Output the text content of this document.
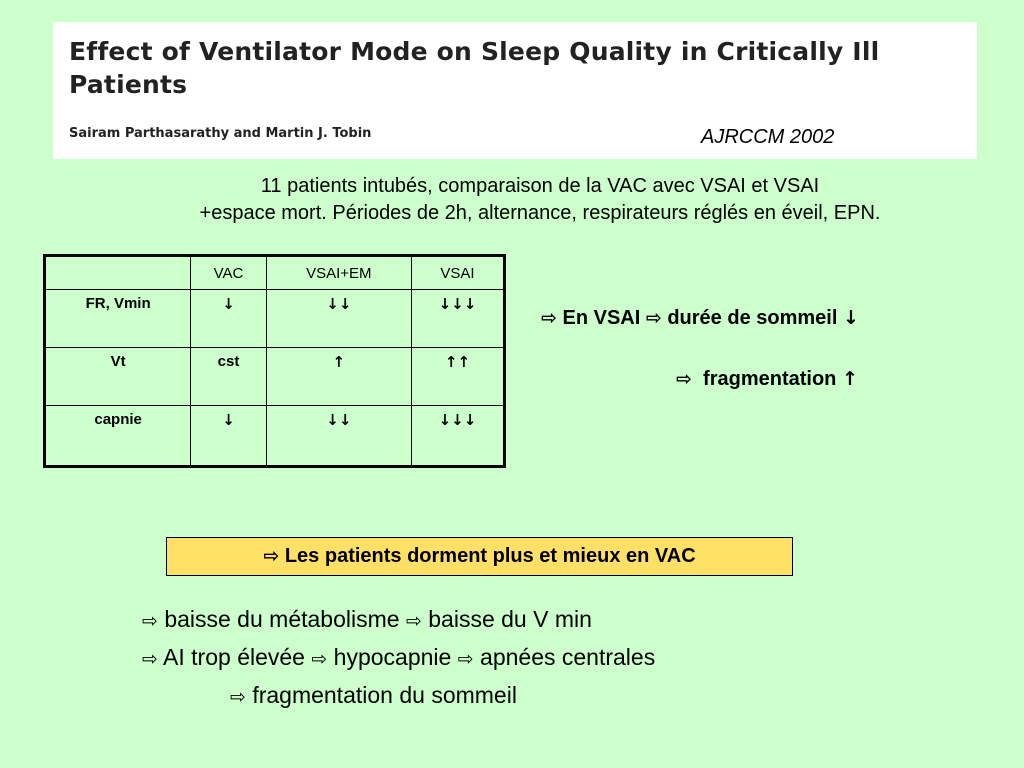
Effect of Ventilator Mode on Sleep Quality in Critically Ill Patients
Sairam Parthasarathy and Martin J. Tobin	AJRCCM 2002
11 patients intubés, comparaison de la VAC avec VSAI et VSAI
+espace mort. Périodes de 2h, alternance, respirateurs réglés en éveil, EPN.
	VAC	VSAI+EM	VSAI
FR, Vmin	↓	↓↓	↓↓↓
Vt	cst	↑	↑↑
capnie	↓	↓↓	↓↓↓
⇨ En VSAI ⇨ durée de sommeil ↓
⇨ fragmentation ↑
⇨ Les patients dorment plus et mieux en VAC
⇨ baisse du métabolisme ⇨ baisse du V min
⇨ AI trop élevée ⇨ hypocapnie ⇨ apnées centrales
⇨ fragmentation du sommeil
